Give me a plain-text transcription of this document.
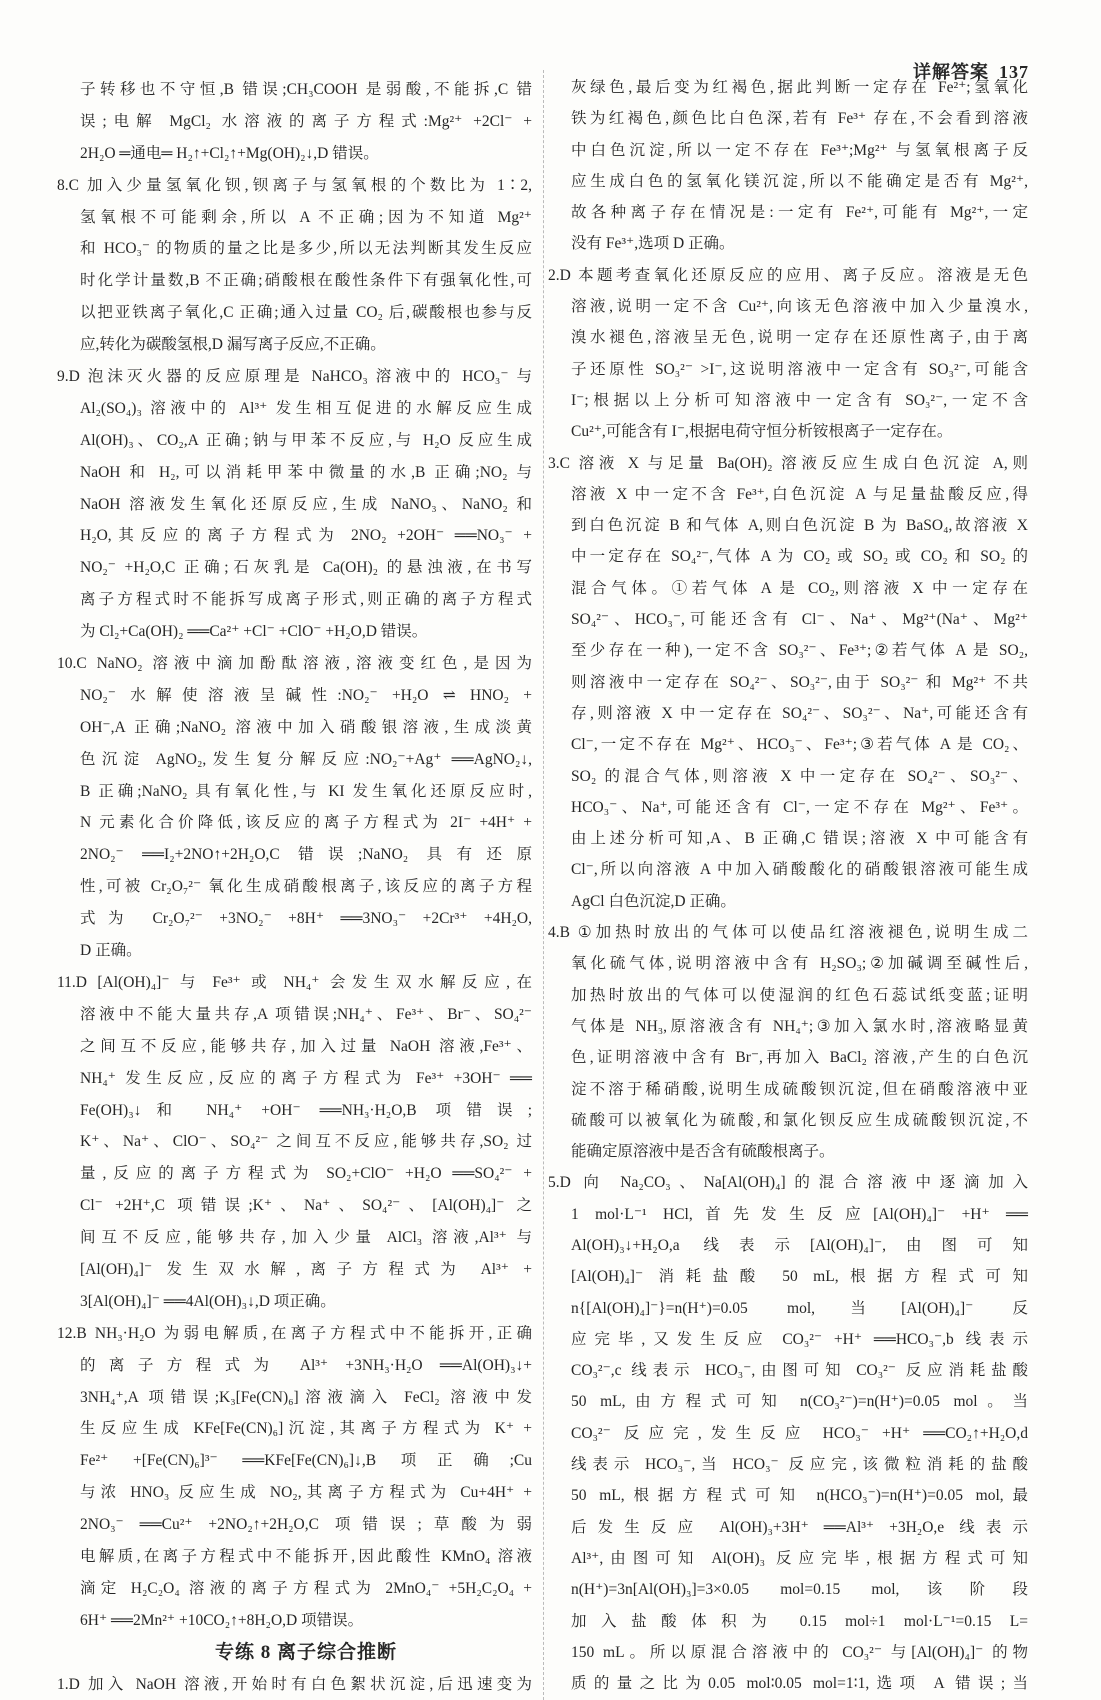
详解答案 137
子转移也不守恒,B 错误;CH₃COOH 是弱酸,不能拆,C 错
误;电解 MgCl₂ 水溶液的离子方程式:Mg²⁺ +2Cl⁻ +
2H₂O ═通电═ H₂↑+Cl₂↑+Mg(OH)₂↓,D 错误。
8.C 加入少量氢氧化钡,钡离子与氢氧根的个数比为 1∶2,
氢氧根不可能剩余,所以 A 不正确;因为不知道 Mg²⁺
和 HCO₃⁻ 的物质的量之比是多少,所以无法判断其发生反应
时化学计量数,B 不正确;硝酸根在酸性条件下有强氧化性,可
以把亚铁离子氧化,C 正确;通入过量 CO₂ 后,碳酸根也参与反
应,转化为碳酸氢根,D 漏写离子反应,不正确。
9.D 泡沫灭火器的反应原理是 NaHCO₃ 溶液中的 HCO₃⁻ 与
Al₂(SO₄)₃ 溶液中的 Al³⁺ 发生相互促进的水解反应生成
Al(OH)₃、CO₂,A 正确;钠与甲苯不反应,与 H₂O 反应生成
NaOH 和 H₂,可以消耗甲苯中微量的水,B 正确;NO₂ 与
NaOH 溶液发生氧化还原反应,生成 NaNO₃、NaNO₂ 和
H₂O,其反应的离子方程式为 2NO₂ +2OH⁻ ══NO₃⁻ +
NO₂⁻ +H₂O,C 正确;石灰乳是 Ca(OH)₂ 的悬浊液,在书写
离子方程式时不能拆写成离子形式,则正确的离子方程式
为 Cl₂+Ca(OH)₂ ══Ca²⁺ +Cl⁻ +ClO⁻ +H₂O,D 错误。
10.C NaNO₂ 溶液中滴加酚酞溶液,溶液变红色,是因为
NO₂⁻ 水解使溶液呈碱性:NO₂⁻ +H₂O ⇌ HNO₂ +
OH⁻,A 正确;NaNO₂ 溶液中加入硝酸银溶液,生成淡黄
色沉淀 AgNO₂,发生复分解反应:NO₂⁻+Ag⁺ ══AgNO₂↓,
B 正确;NaNO₂ 具有氧化性,与 KI 发生氧化还原反应时,
N 元素化合价降低,该反应的离子方程式为 2I⁻ +4H⁺ +
2NO₂⁻ ══I₂+2NO↑+2H₂O,C 错误;NaNO₂ 具有还原
性,可被 Cr₂O₇²⁻ 氧化生成硝酸根离子,该反应的离子方程
式为 Cr₂O₇²⁻ +3NO₂⁻ +8H⁺ ══3NO₃⁻ +2Cr³⁺ +4H₂O,
D 正确。
11.D [Al(OH)₄]⁻ 与 Fe³⁺ 或 NH₄⁺ 会发生双水解反应,在
溶液中不能大量共存,A 项错误;NH₄⁺、Fe³⁺、Br⁻、SO₄²⁻
之间互不反应,能够共存,加入过量 NaOH 溶液,Fe³⁺、
NH₄⁺ 发生反应,反应的离子方程式为 Fe³⁺ +3OH⁻ ══
Fe(OH)₃↓和 NH₄⁺ +OH⁻ ══NH₃·H₂O,B 项错误;
K⁺、Na⁺、ClO⁻、SO₄²⁻ 之间互不反应,能够共存,SO₂ 过
量,反应的离子方程式为 SO₂+ClO⁻ +H₂O ══SO₄²⁻ +
Cl⁻ +2H⁺,C 项错误;K⁺、Na⁺、SO₄²⁻、[Al(OH)₄]⁻ 之
间互不反应,能够共存,加入少量 AlCl₃ 溶液,Al³⁺ 与
[Al(OH)₄]⁻ 发生双水解,离子方程式为 Al³⁺ +
3[Al(OH)₄]⁻ ══4Al(OH)₃↓,D 项正确。
12.B NH₃·H₂O 为弱电解质,在离子方程式中不能拆开,正确
的离子方程式为 Al³⁺ +3NH₃·H₂O ══Al(OH)₃↓+
3NH₄⁺,A 项错误;K₃[Fe(CN)₆]溶液滴入 FeCl₂ 溶液中发
生反应生成 KFe[Fe(CN)₆]沉淀,其离子方程式为 K⁺ +
Fe²⁺ +[Fe(CN)₆]³⁻ ══KFe[Fe(CN)₆]↓,B 项正确;Cu
与浓 HNO₃ 反应生成 NO₂,其离子方程式为 Cu+4H⁺ +
2NO₃⁻ ══Cu²⁺ +2NO₂↑+2H₂O,C 项错误;草酸为弱
电解质,在离子方程式中不能拆开,因此酸性 KMnO₄ 溶液
滴定 H₂C₂O₄ 溶液的离子方程式为 2MnO₄⁻ +5H₂C₂O₄ +
6H⁺ ══2Mn²⁺ +10CO₂↑+8H₂O,D 项错误。
专练 8 离子综合推断
1.D 加入 NaOH 溶液,开始时有白色絮状沉淀,后迅速变为
灰绿色,最后变为红褐色,据此判断一定存在 Fe²⁺;氢氧化
铁为红褐色,颜色比白色深,若有 Fe³⁺ 存在,不会看到溶液
中白色沉淀,所以一定不存在 Fe³⁺;Mg²⁺ 与氢氧根离子反
应生成白色的氢氧化镁沉淀,所以不能确定是否有 Mg²⁺,
故各种离子存在情况是:一定有 Fe²⁺,可能有 Mg²⁺,一定
没有 Fe³⁺,选项 D 正确。
2.D 本题考查氧化还原反应的应用、离子反应。溶液是无色
溶液,说明一定不含 Cu²⁺,向该无色溶液中加入少量溴水,
溴水褪色,溶液呈无色,说明一定存在还原性离子,由于离
子还原性 SO₃²⁻ >I⁻,这说明溶液中一定含有 SO₃²⁻,可能含
I⁻;根据以上分析可知溶液中一定含有 SO₃²⁻,一定不含
Cu²⁺,可能含有 I⁻,根据电荷守恒分析铵根离子一定存在。
3.C 溶液 X 与足量 Ba(OH)₂ 溶液反应生成白色沉淀 A,则
溶液 X 中一定不含 Fe³⁺,白色沉淀 A 与足量盐酸反应,得
到白色沉淀 B 和气体 A,则白色沉淀 B 为 BaSO₄,故溶液 X
中一定存在 SO₄²⁻,气体 A 为 CO₂ 或 SO₂ 或 CO₂ 和 SO₂ 的
混合气体。①若气体 A 是 CO₂,则溶液 X 中一定存在
SO₄²⁻、HCO₃⁻,可能还含有 Cl⁻、Na⁺、Mg²⁺(Na⁺、Mg²⁺
至少存在一种),一定不含 SO₃²⁻、Fe³⁺;②若气体 A 是 SO₂,
则溶液中一定存在 SO₄²⁻、SO₃²⁻,由于 SO₃²⁻ 和 Mg²⁺ 不共
存,则溶液 X 中一定存在 SO₄²⁻、SO₃²⁻、Na⁺,可能还含有
Cl⁻,一定不存在 Mg²⁺、HCO₃⁻、Fe³⁺;③若气体 A 是 CO₂、
SO₂ 的混合气体,则溶液 X 中一定存在 SO₄²⁻、SO₃²⁻、
HCO₃⁻、Na⁺,可能还含有 Cl⁻,一定不存在 Mg²⁺、Fe³⁺。
由上述分析可知,A、B 正确,C 错误;溶液 X 中可能含有
Cl⁻,所以向溶液 A 中加入硝酸酸化的硝酸银溶液可能生成
AgCl 白色沉淀,D 正确。
4.B ①加热时放出的气体可以使品红溶液褪色,说明生成二
氧化硫气体,说明溶液中含有 H₂SO₃;②加碱调至碱性后,
加热时放出的气体可以使湿润的红色石蕊试纸变蓝;证明
气体是 NH₃,原溶液含有 NH₄⁺;③加入氯水时,溶液略显黄
色,证明溶液中含有 Br⁻,再加入 BaCl₂ 溶液,产生的白色沉
淀不溶于稀硝酸,说明生成硫酸钡沉淀,但在硝酸溶液中亚
硫酸可以被氧化为硫酸,和氯化钡反应生成硫酸钡沉淀,不
能确定原溶液中是否含有硫酸根离子。
5.D 向 Na₂CO₃、Na[Al(OH)₄]的混合溶液中逐滴加入
1 mol·L⁻¹ HCl,首先发生反应[Al(OH)₄]⁻ +H⁺ ══
Al(OH)₃↓+H₂O,a 线表示[Al(OH)₄]⁻,由图可知
[Al(OH)₄]⁻ 消耗盐酸 50 mL,根据方程式可知
n{[Al(OH)₄]⁻}=n(H⁺)=0.05 mol,当[Al(OH)₄]⁻ 反
应完毕,又发生反应 CO₃²⁻ +H⁺ ══HCO₃⁻,b 线表示
CO₃²⁻,c 线表示 HCO₃⁻,由图可知 CO₃²⁻ 反应消耗盐酸
50 mL,由方程式可知 n(CO₃²⁻)=n(H⁺)=0.05 mol。当
CO₃²⁻ 反应完,发生反应 HCO₃⁻ +H⁺ ══CO₂↑+H₂O,d
线表示 HCO₃⁻,当 HCO₃⁻ 反应完,该微粒消耗的盐酸
50 mL,根据方程式可知 n(HCO₃⁻)=n(H⁺)=0.05 mol,最
后发生反应 Al(OH)₃+3H⁺ ══Al³⁺ +3H₂O,e 线表示
Al³⁺,由图可知 Al(OH)₃ 反应完毕,根据方程式可知
n(H⁺)=3n[Al(OH)₃]=3×0.05 mol=0.15 mol,该阶段
加入盐酸体积为 0.15 mol÷1 mol·L⁻¹=0.15 L=
150 mL。所以原混合溶液中的 CO₃²⁻ 与[Al(OH)₄]⁻ 的物
质的量之比为0.05 mol∶0.05 mol=1∶1,选项 A 错误;当
